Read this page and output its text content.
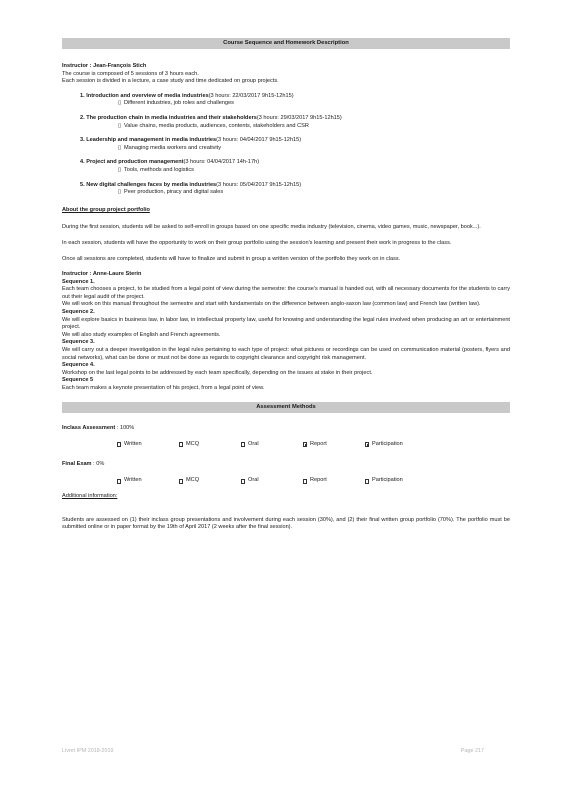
Course Sequence and Homework Description

Instructor : Jean-François Stich

The course is composed of 5 sessions of 3 hours each.

Each session is divided in a lecture, a case study and time dedicated on group projects.

1. Introduction and overview of media industries(3 hours: 22/03/2017 9h15-12h15)
▯ Different industries, job roles and challenges
2. The production chain in media industries and their stakeholders(3 hours: 29/03/2017 9h15-12h15)
▯ Value chains, media products, audiences, contents, stakeholders and CSR
3. Leadership and management in media industries(3 hours: 04/04/2017 9h15-12h15)
▯ Managing media workers and creativity
4. Project and production management(3 hours: 04/04/2017 14h-17h)
▯ Tools, methods and logistics
5. New digital challenges faces by media industries(3 hours: 05/04/2017 9h15-12h15)
▯ Peer production, piracy and digital sales

About the group project portfolio

During the first session, students will be asked to self-enroll in groups based on one specific media industry (television, cinema, video games, music, newspaper, book...).

In each session, students will have the opportunity to work on their group portfolio using the session's learning and present their work in progress to the class.

Once all sessions are completed, students will have to finalize and submit in group a written version of the portfolio they work on in class.

Instructor : Anne-Laure Sterin

Sequence 1.

Each team chooses a project, to be studied from a legal point of view during the semestre: the course's manual is handed out, with all necessary documents for the students to carry out their legal audit of the project.

We will work on this manual throughout the semestre and start with fundamentals on the difference between anglo-saxon law (common law) and French law (written law).

Sequence 2.

We will explore basics in business law, in labor law, in intellectual property law, useful for knowing and understanding the legal rules involved when producing an art or entertainment project.

We will also study examples of English and French agreements.

Sequence 3.

We will carry out a deeper investigation in the legal rules pertaining to each type of project: what pictures or recordings can be used on communication material (posters, flyers and social networks), what can be done or must not be done as regards to copyright clearance and copyright risk management.

Sequence 4.

Workshop on the last legal points to be addressed by each team specifically, depending on the issues at stake in their project.

Sequence 5

Each team makes a keynote presentation of his project, from a legal point of view.

Assessment Methods

Inclass Assessment : 100%

Written	MCQ	Oral	Report	Participation

Final Exam : 0%

Written	MCQ	Oral	Report	Participation

Additional information:

Students are assessed on (1) their inclass group presentations and involvement during each session (30%), and (2) their final written group portfolio (70%). The portfolio must be submitted online or in paper format by the 19th of April 2017 (2 weeks after the final session).

Livret IPM 2018-2019	Page 217
